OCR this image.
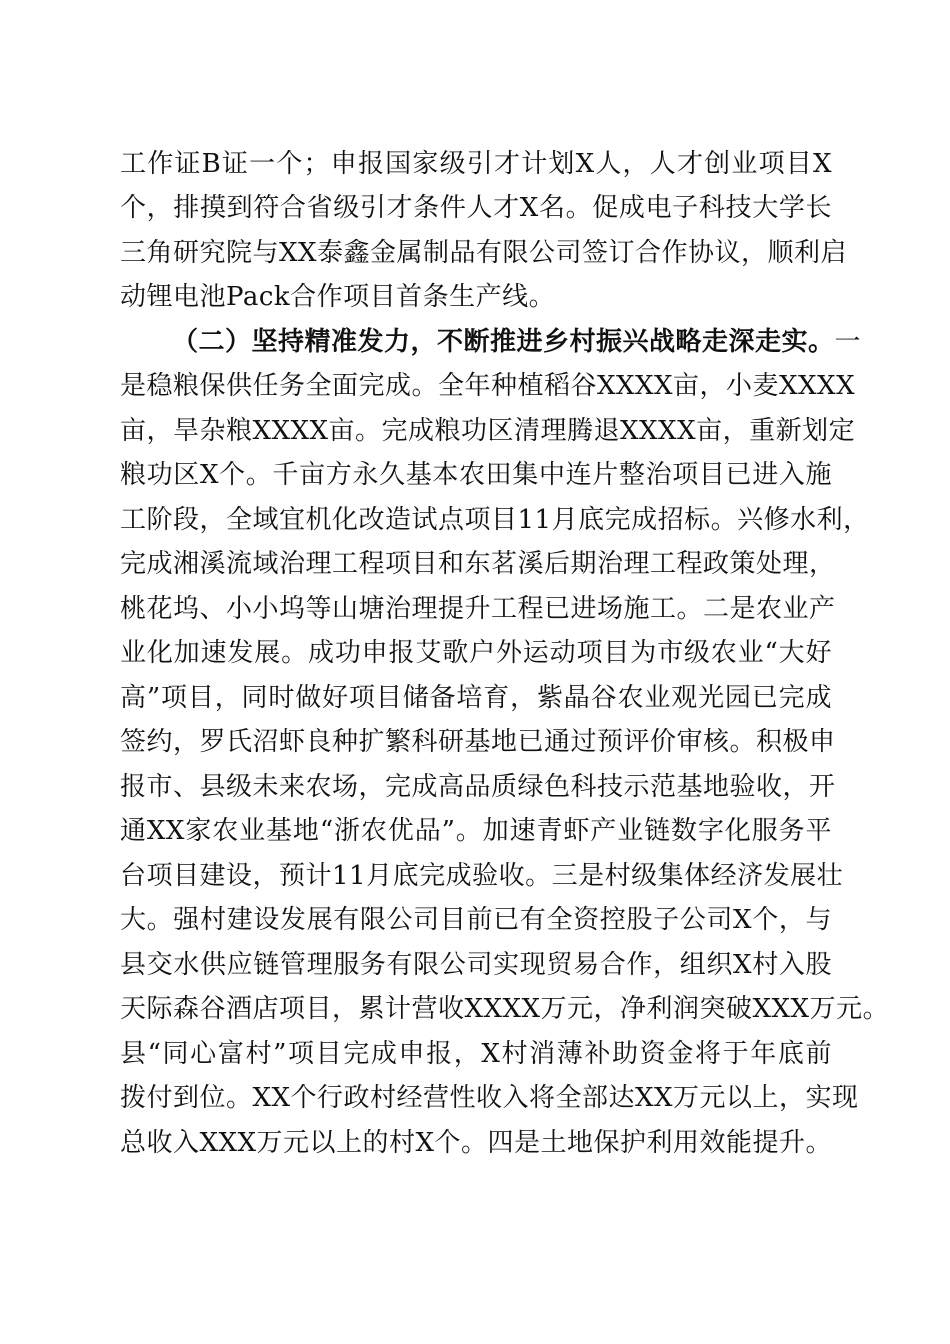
工作证B证一个；申报国家级引才计划X人，人才创业项目X
个，排摸到符合省级引才条件人才X名。促成电子科技大学长
三角研究院与XX泰鑫金属制品有限公司签订合作协议，顺利启
动锂电池Pack合作项目首条生产线。
（二）坚持精准发力，不断推进乡村振兴战略走深走实。一
是稳粮保供任务全面完成。全年种植稻谷XXXX亩，小麦XXXX
亩，旱杂粮XXXX亩。完成粮功区清理腾退XXXX亩，重新划定
粮功区X个。千亩方永久基本农田集中连片整治项目已进入施
工阶段，全域宜机化改造试点项目11月底完成招标。兴修水利，
完成湘溪流域治理工程项目和东茗溪后期治理工程政策处理，
桃花坞、小小坞等山塘治理提升工程已进场施工。二是农业产
业化加速发展。成功申报艾歌户外运动项目为市级农业“大好
高”项目，同时做好项目储备培育，紫晶谷农业观光园已完成
签约，罗氏沼虾良种扩繁科研基地已通过预评价审核。积极申
报市、县级未来农场，完成高品质绿色科技示范基地验收，开
通XX家农业基地“浙农优品”。加速青虾产业链数字化服务平
台项目建设，预计11月底完成验收。三是村级集体经济发展壮
大。强村建设发展有限公司目前已有全资控股子公司X个，与
县交水供应链管理服务有限公司实现贸易合作，组织X村入股
天际森谷酒店项目，累计营收XXXX万元，净利润突破XXX万元。
县“同心富村”项目完成申报，X村消薄补助资金将于年底前
拨付到位。XX个行政村经营性收入将全部达XX万元以上，实现
总收入XXX万元以上的村X个。四是土地保护利用效能提升。
